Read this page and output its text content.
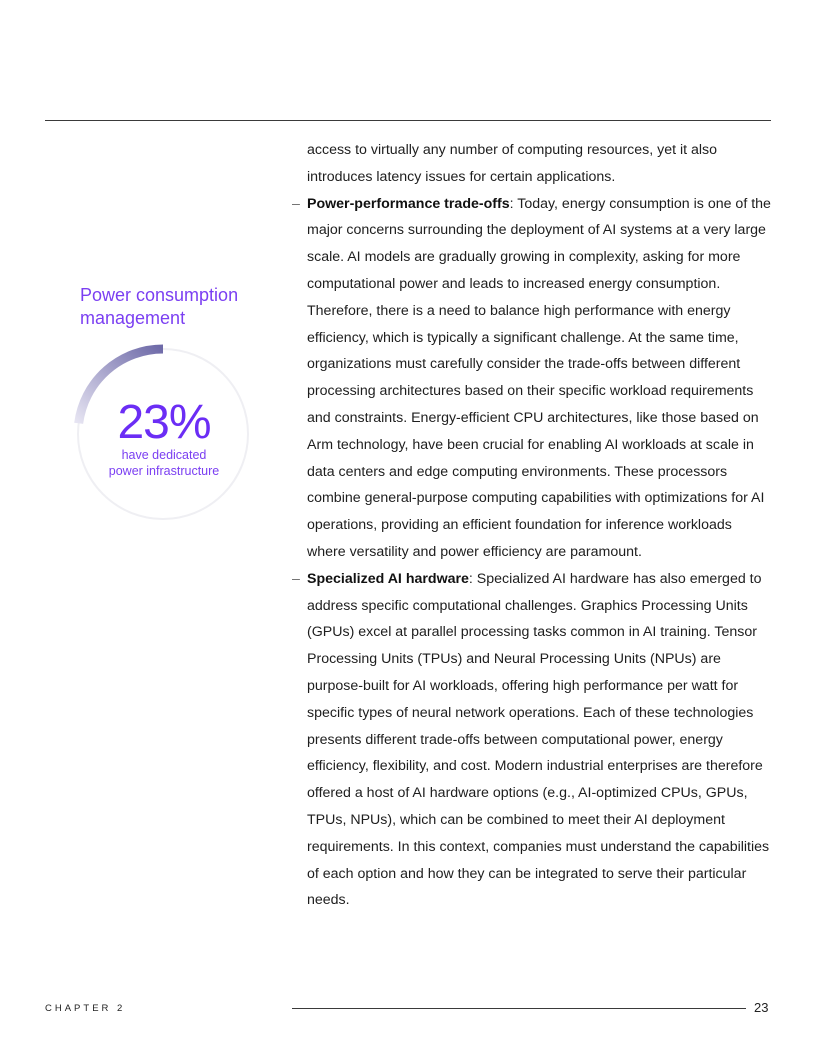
Power consumption management
23%
have dedicated
power infrastructure

access to virtually any number of computing resources, yet it also introduces latency issues for certain applications.

– Power-performance trade-offs: Today, energy consumption is one of the major concerns surrounding the deployment of AI systems at a very large scale. AI models are gradually growing in complexity, asking for more computational power and leads to increased energy consumption. Therefore, there is a need to balance high performance with energy efficiency, which is typically a significant challenge. At the same time, organizations must carefully consider the trade-offs between different processing architectures based on their specific workload requirements and constraints. Energy-efficient CPU architectures, like those based on Arm technology, have been crucial for enabling AI workloads at scale in data centers and edge computing environments. These processors combine general-purpose computing capabilities with optimizations for AI operations, providing an efficient foundation for inference workloads where versatility and power efficiency are paramount.

– Specialized AI hardware: Specialized AI hardware has also emerged to address specific computational challenges. Graphics Processing Units (GPUs) excel at parallel processing tasks common in AI training. Tensor Processing Units (TPUs) and Neural Processing Units (NPUs) are purpose-built for AI workloads, offering high performance per watt for specific types of neural network operations. Each of these technologies presents different trade-offs between computational power, energy efficiency, flexibility, and cost. Modern industrial enterprises are therefore offered a host of AI hardware options (e.g., AI-optimized CPUs, GPUs, TPUs, NPUs), which can be combined to meet their AI deployment requirements. In this context, companies must understand the capabilities of each option and how they can be integrated to serve their particular needs.

CHAPTER 2	23
